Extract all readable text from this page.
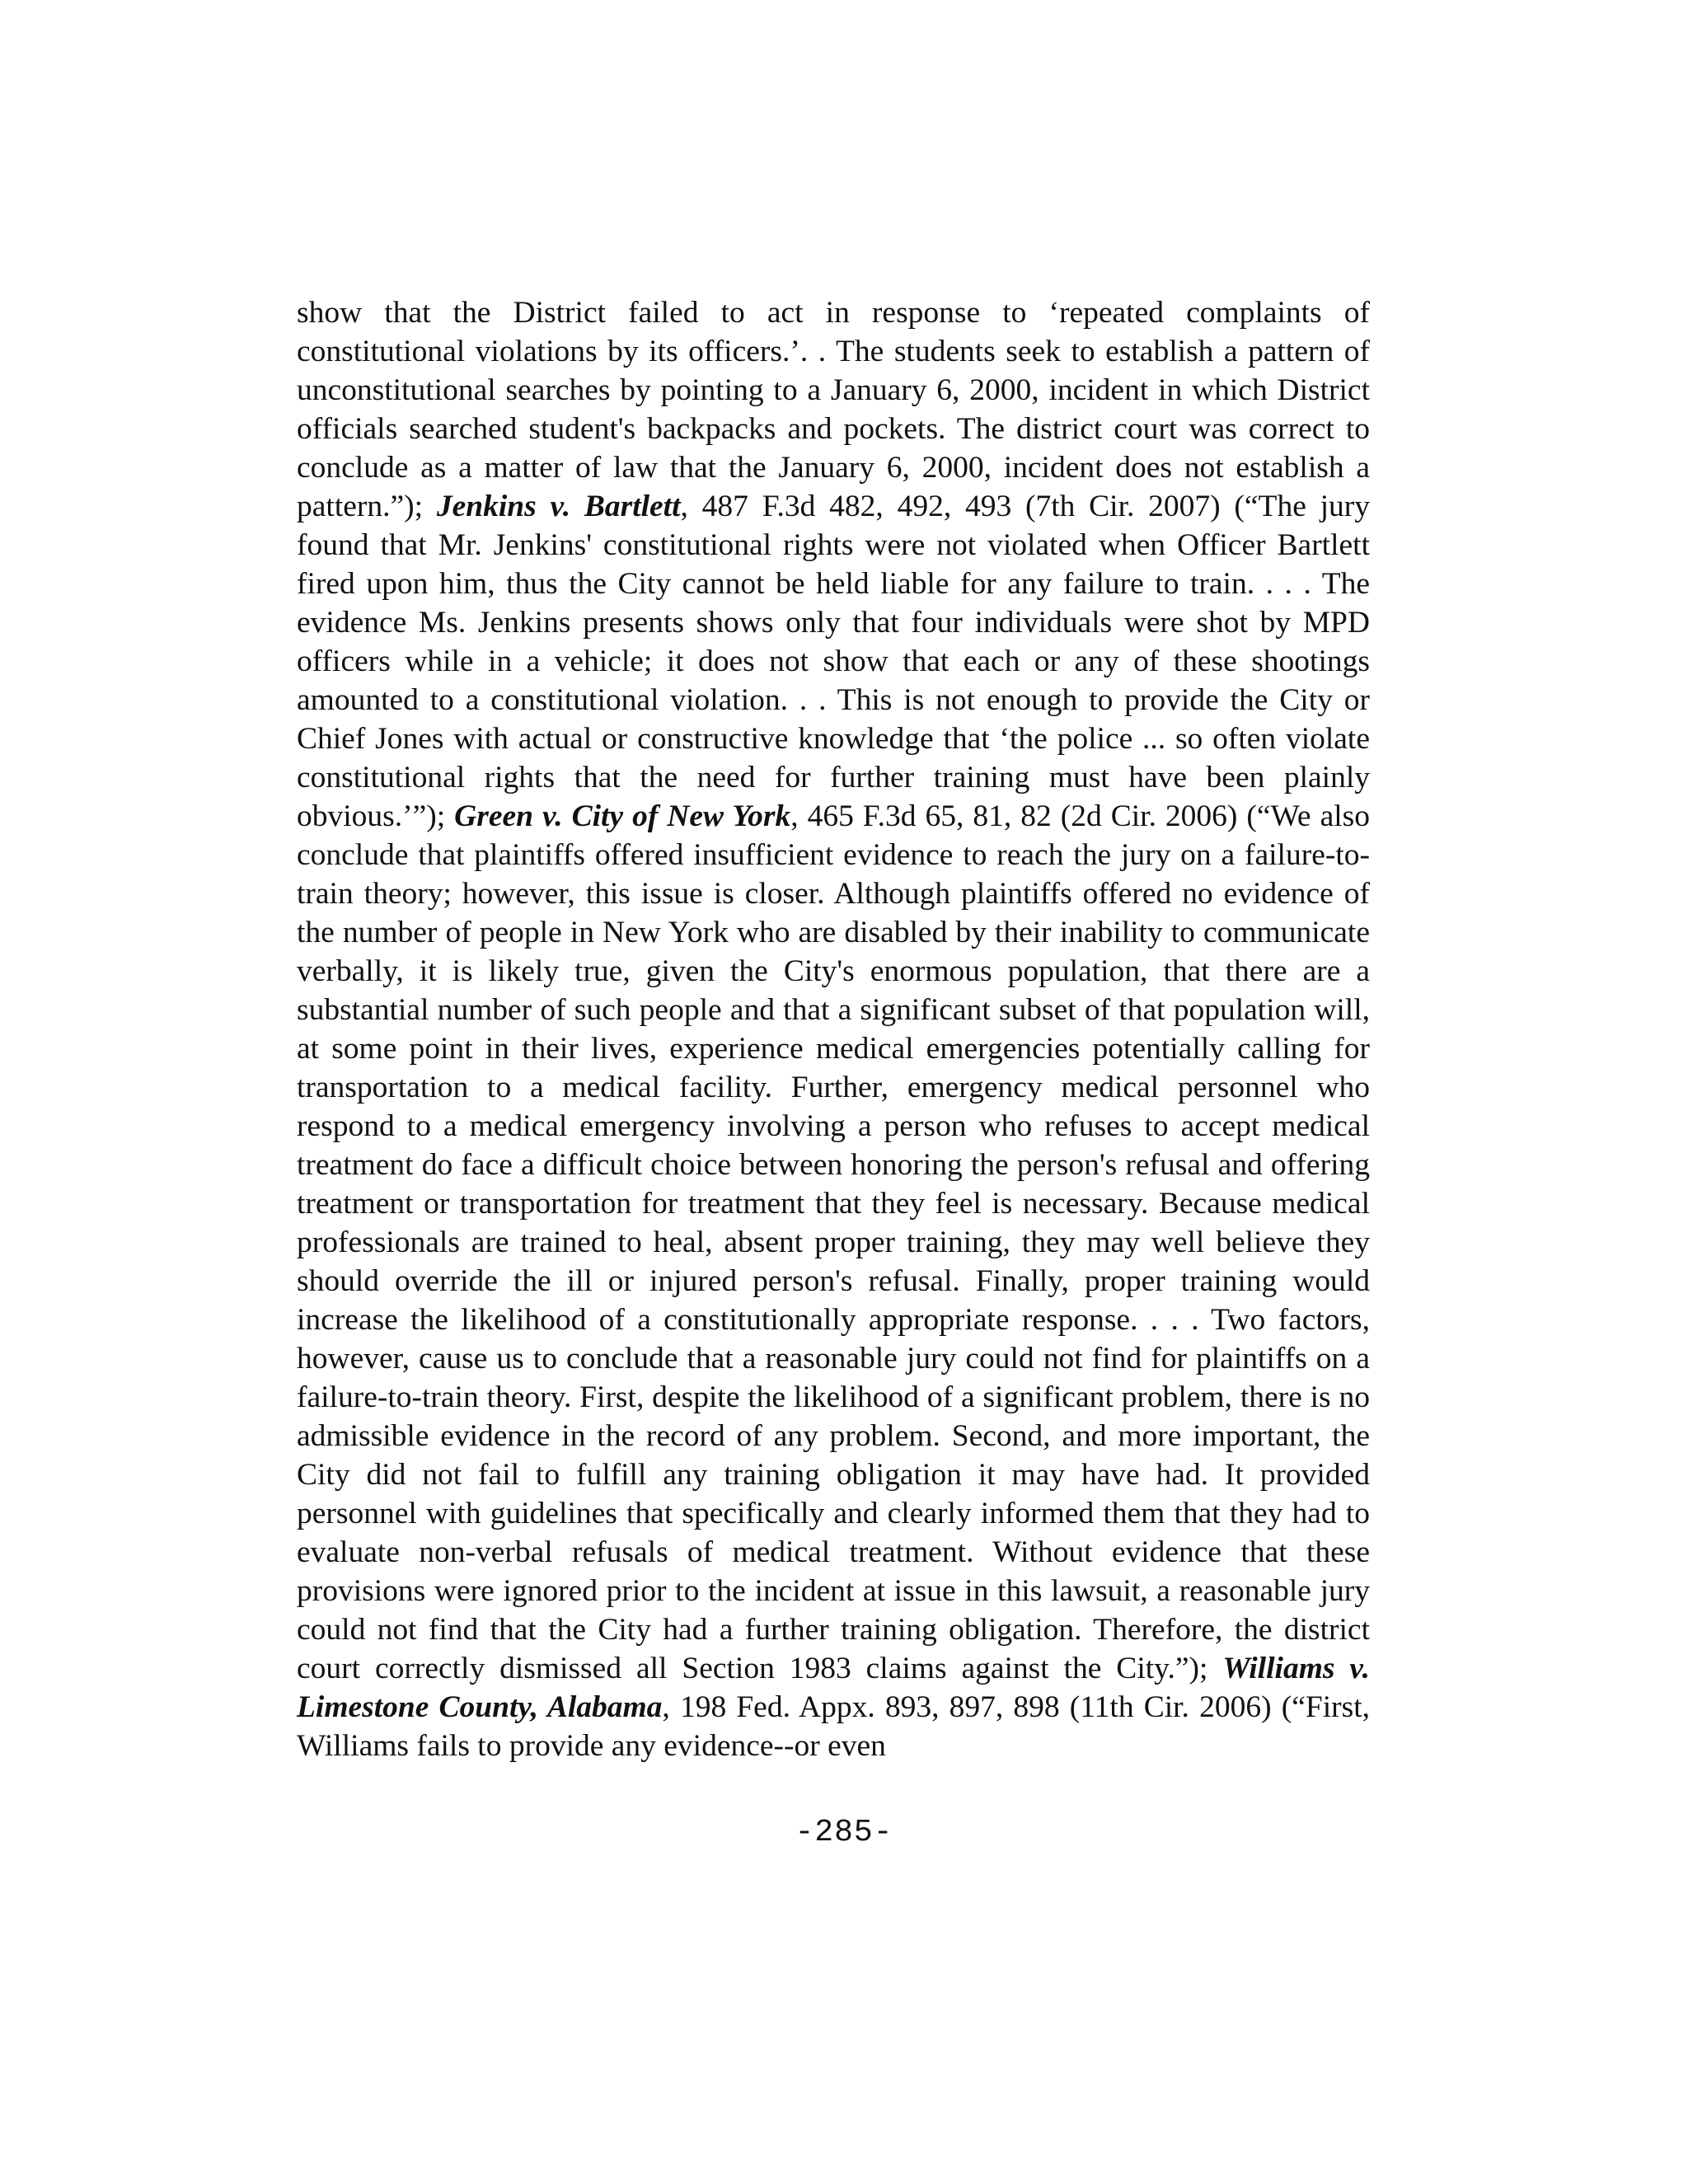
show that the District failed to act in response to ‘repeated complaints of constitutional violations by its officers.’. . The students seek to establish a pattern of unconstitutional searches by pointing to a January 6, 2000, incident in which District officials searched student's backpacks and pockets. The district court was correct to conclude as a matter of law that the January 6, 2000, incident does not establish a pattern.”); Jenkins v. Bartlett, 487 F.3d 482, 492, 493 (7th Cir. 2007) (“The jury found that Mr. Jenkins' constitutional rights were not violated when Officer Bartlett fired upon him, thus the City cannot be held liable for any failure to train. . . . The evidence Ms. Jenkins presents shows only that four individuals were shot by MPD officers while in a vehicle; it does not show that each or any of these shootings amounted to a constitutional violation. . . This is not enough to provide the City or Chief Jones with actual or constructive knowledge that ‘the police ... so often violate constitutional rights that the need for further training must have been plainly obvious.’”); Green v. City of New York, 465 F.3d 65, 81, 82 (2d Cir. 2006) (“We also conclude that plaintiffs offered insufficient evidence to reach the jury on a failure-to-train theory; however, this issue is closer. Although plaintiffs offered no evidence of the number of people in New York who are disabled by their inability to communicate verbally, it is likely true, given the City's enormous population, that there are a substantial number of such people and that a significant subset of that population will, at some point in their lives, experience medical emergencies potentially calling for transportation to a medical facility. Further, emergency medical personnel who respond to a medical emergency involving a person who refuses to accept medical treatment do face a difficult choice between honoring the person's refusal and offering treatment or transportation for treatment that they feel is necessary. Because medical professionals are trained to heal, absent proper training, they may well believe they should override the ill or injured person's refusal. Finally, proper training would increase the likelihood of a constitutionally appropriate response. . . . Two factors, however, cause us to conclude that a reasonable jury could not find for plaintiffs on a failure-to-train theory. First, despite the likelihood of a significant problem, there is no admissible evidence in the record of any problem. Second, and more important, the City did not fail to fulfill any training obligation it may have had. It provided personnel with guidelines that specifically and clearly informed them that they had to evaluate non-verbal refusals of medical treatment. Without evidence that these provisions were ignored prior to the incident at issue in this lawsuit, a reasonable jury could not find that the City had a further training obligation. Therefore, the district court correctly dismissed all Section 1983 claims against the City.”); Williams v. Limestone County, Alabama, 198 Fed. Appx. 893, 897, 898 (11th Cir. 2006) (“First, Williams fails to provide any evidence--or even

-285-
